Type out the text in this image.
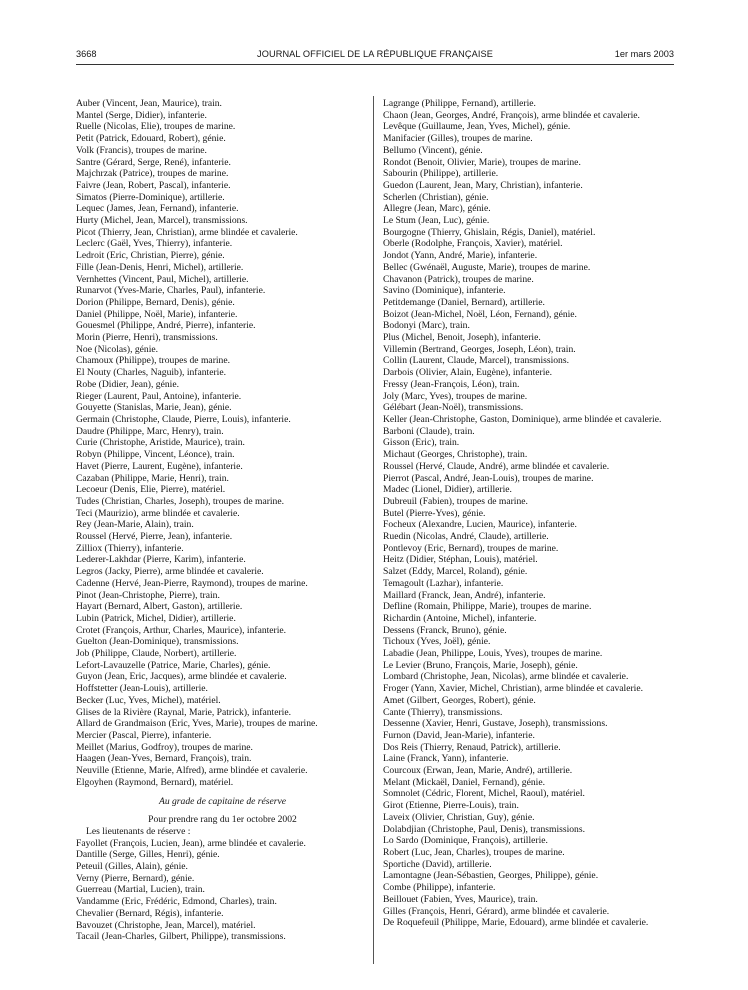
3668	JOURNAL OFFICIEL DE LA RÉPUBLIQUE FRANÇAISE	1er mars 2003
Auber (Vincent, Jean, Maurice), train.
Mantel (Serge, Didier), infanterie.
Ruelle (Nicolas, Elie), troupes de marine.
Petit (Patrick, Edouard, Robert), génie.
Volk (Francis), troupes de marine.
Santre (Gérard, Serge, René), infanterie.
Majchrzak (Patrice), troupes de marine.
Faivre (Jean, Robert, Pascal), infanterie.
Simatos (Pierre-Dominique), artillerie.
Lequec (James, Jean, Fernand), infanterie.
Hurty (Michel, Jean, Marcel), transmissions.
Picot (Thierry, Jean, Christian), arme blindée et cavalerie.
Leclerc (Gaël, Yves, Thierry), infanterie.
Ledroit (Eric, Christian, Pierre), génie.
Fille (Jean-Denis, Henri, Michel), artillerie.
Vernhettes (Vincent, Paul, Michel), artillerie.
Runarvot (Yves-Marie, Charles, Paul), infanterie.
Dorion (Philippe, Bernard, Denis), génie.
Daniel (Philippe, Noël, Marie), infanterie.
Gouesmel (Philippe, André, Pierre), infanterie.
Morin (Pierre, Henri), transmissions.
Noe (Nicolas), génie.
Chamoux (Philippe), troupes de marine.
El Nouty (Charles, Naguib), infanterie.
Robe (Didier, Jean), génie.
Rieger (Laurent, Paul, Antoine), infanterie.
Gouyette (Stanislas, Marie, Jean), génie.
Germain (Christophe, Claude, Pierre, Louis), infanterie.
Daudre (Philippe, Marc, Henry), train.
Curie (Christophe, Aristide, Maurice), train.
Robyn (Philippe, Vincent, Léonce), train.
Havet (Pierre, Laurent, Eugène), infanterie.
Cazaban (Philippe, Marie, Henri), train.
Lecoeur (Denis, Elie, Pierre), matériel.
Tudes (Christian, Charles, Joseph), troupes de marine.
Teci (Maurizio), arme blindée et cavalerie.
Rey (Jean-Marie, Alain), train.
Roussel (Hervé, Pierre, Jean), infanterie.
Zilliox (Thierry), infanterie.
Lederer-Lakhdar (Pierre, Karim), infanterie.
Legros (Jacky, Pierre), arme blindée et cavalerie.
Cadenne (Hervé, Jean-Pierre, Raymond), troupes de marine.
Pinot (Jean-Christophe, Pierre), train.
Hayart (Bernard, Albert, Gaston), artillerie.
Lubin (Patrick, Michel, Didier), artillerie.
Crotet (François, Arthur, Charles, Maurice), infanterie.
Guelton (Jean-Dominique), transmissions.
Job (Philippe, Claude, Norbert), artillerie.
Lefort-Lavauzelle (Patrice, Marie, Charles), génie.
Guyon (Jean, Eric, Jacques), arme blindée et cavalerie.
Hoffstetter (Jean-Louis), artillerie.
Becker (Luc, Yves, Michel), matériel.
Glises de la Rivière (Raynal, Marie, Patrick), infanterie.
Allard de Grandmaison (Eric, Yves, Marie), troupes de marine.
Mercier (Pascal, Pierre), infanterie.
Meillet (Marius, Godfroy), troupes de marine.
Haagen (Jean-Yves, Bernard, François), train.
Neuville (Etienne, Marie, Alfred), arme blindée et cavalerie.
Elgoyhen (Raymond, Bernard), matériel.
Au grade de capitaine de réserve
Pour prendre rang du 1er octobre 2002
Les lieutenants de réserve :
Fayollet (François, Lucien, Jean), arme blindée et cavalerie.
Dantille (Serge, Gilles, Henri), génie.
Peteuil (Gilles, Alain), génie.
Verny (Pierre, Bernard), génie.
Guerreau (Martial, Lucien), train.
Vandamme (Eric, Frédéric, Edmond, Charles), train.
Chevalier (Bernard, Régis), infanterie.
Bavouzet (Christophe, Jean, Marcel), matériel.
Tacail (Jean-Charles, Gilbert, Philippe), transmissions.
Lagrange (Philippe, Fernand), artillerie.
Chaon (Jean, Georges, André, François), arme blindée et cavalerie.
Levêque (Guillaume, Jean, Yves, Michel), génie.
Manifacier (Gilles), troupes de marine.
Bellumo (Vincent), génie.
Rondot (Benoit, Olivier, Marie), troupes de marine.
Sabourin (Philippe), artillerie.
Guedon (Laurent, Jean, Mary, Christian), infanterie.
Scherlen (Christian), génie.
Allegre (Jean, Marc), génie.
Le Stum (Jean, Luc), génie.
Bourgogne (Thierry, Ghislain, Régis, Daniel), matériel.
Oberle (Rodolphe, François, Xavier), matériel.
Jondot (Yann, André, Marie), infanterie.
Bellec (Gwénaël, Auguste, Marie), troupes de marine.
Chavanon (Patrick), troupes de marine.
Savino (Dominique), infanterie.
Petitdemange (Daniel, Bernard), artillerie.
Boizot (Jean-Michel, Noël, Léon, Fernand), génie.
Bodonyi (Marc), train.
Plus (Michel, Benoit, Joseph), infanterie.
Villemin (Bertrand, Georges, Joseph, Léon), train.
Collin (Laurent, Claude, Marcel), transmissions.
Darbois (Olivier, Alain, Eugène), infanterie.
Fressy (Jean-François, Léon), train.
Joly (Marc, Yves), troupes de marine.
Gélébart (Jean-Noël), transmissions.
Keller (Jean-Christophe, Gaston, Dominique), arme blindée et cavalerie.
Barboni (Claude), train.
Gisson (Eric), train.
Michaut (Georges, Christophe), train.
Roussel (Hervé, Claude, André), arme blindée et cavalerie.
Pierrot (Pascal, André, Jean-Louis), troupes de marine.
Madec (Lionel, Didier), artillerie.
Dubreuil (Fabien), troupes de marine.
Butel (Pierre-Yves), génie.
Focheux (Alexandre, Lucien, Maurice), infanterie.
Ruedin (Nicolas, André, Claude), artillerie.
Pontlevoy (Eric, Bernard), troupes de marine.
Heitz (Didier, Stéphan, Louis), matériel.
Salzet (Eddy, Marcel, Roland), génie.
Temagoult (Lazhar), infanterie.
Maillard (Franck, Jean, André), infanterie.
Defline (Romain, Philippe, Marie), troupes de marine.
Richardin (Antoine, Michel), infanterie.
Dessens (Franck, Bruno), génie.
Tichoux (Yves, Joël), génie.
Labadie (Jean, Philippe, Louis, Yves), troupes de marine.
Le Levier (Bruno, François, Marie, Joseph), génie.
Lombard (Christophe, Jean, Nicolas), arme blindée et cavalerie.
Froger (Yann, Xavier, Michel, Christian), arme blindée et cavalerie.
Amet (Gilbert, Georges, Robert), génie.
Cante (Thierry), transmissions.
Dessenne (Xavier, Henri, Gustave, Joseph), transmissions.
Furnon (David, Jean-Marie), infanterie.
Dos Reis (Thierry, Renaud, Patrick), artillerie.
Laine (Franck, Yann), infanterie.
Courcoux (Erwan, Jean, Marie, André), artillerie.
Melant (Mickaël, Daniel, Fernand), génie.
Somnolet (Cédric, Florent, Michel, Raoul), matériel.
Girot (Etienne, Pierre-Louis), train.
Laveix (Olivier, Christian, Guy), génie.
Dolabdjian (Christophe, Paul, Denis), transmissions.
Lo Sardo (Dominique, François), artillerie.
Robert (Luc, Jean, Charles), troupes de marine.
Sportiche (David), artillerie.
Lamontagne (Jean-Sébastien, Georges, Philippe), génie.
Combe (Philippe), infanterie.
Beillouet (Fabien, Yves, Maurice), train.
Gilles (François, Henri, Gérard), arme blindée et cavalerie.
De Roquefeuil (Philippe, Marie, Edouard), arme blindée et cavalerie.
